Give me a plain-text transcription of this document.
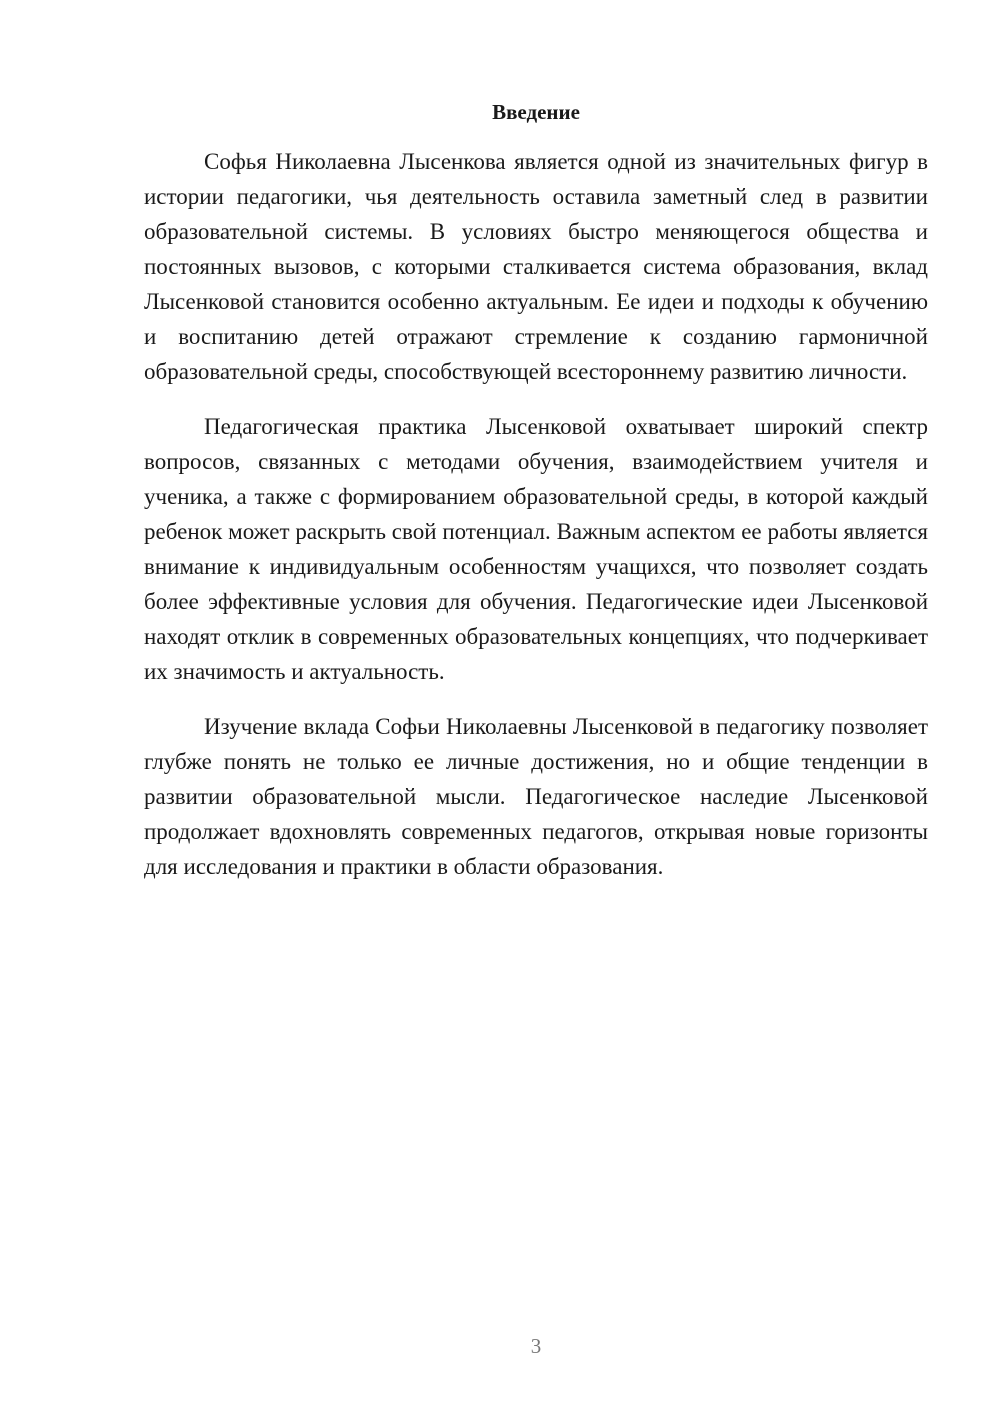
Введение

Софья Николаевна Лысенкова является одной из значительных фигур в истории педагогики, чья деятельность оставила заметный след в развитии образовательной системы. В условиях быстро меняющегося общества и постоянных вызовов, с которыми сталкивается система образования, вклад Лысенковой становится особенно актуальным. Ее идеи и подходы к обучению и воспитанию детей отражают стремление к созданию гармоничной образовательной среды, способствующей всестороннему развитию личности.

Педагогическая практика Лысенковой охватывает широкий спектр вопросов, связанных с методами обучения, взаимодействием учителя и ученика, а также с формированием образовательной среды, в которой каждый ребенок может раскрыть свой потенциал. Важным аспектом ее работы является внимание к индивидуальным особенностям учащихся, что позволяет создать более эффективные условия для обучения. Педагогические идеи Лысенковой находят отклик в современных образовательных концепциях, что подчеркивает их значимость и актуальность.

Изучение вклада Софьи Николаевны Лысенковой в педагогику позволяет глубже понять не только ее личные достижения, но и общие тенденции в развитии образовательной мысли. Педагогическое наследие Лысенковой продолжает вдохновлять современных педагогов, открывая новые горизонты для исследования и практики в области образования.

3
